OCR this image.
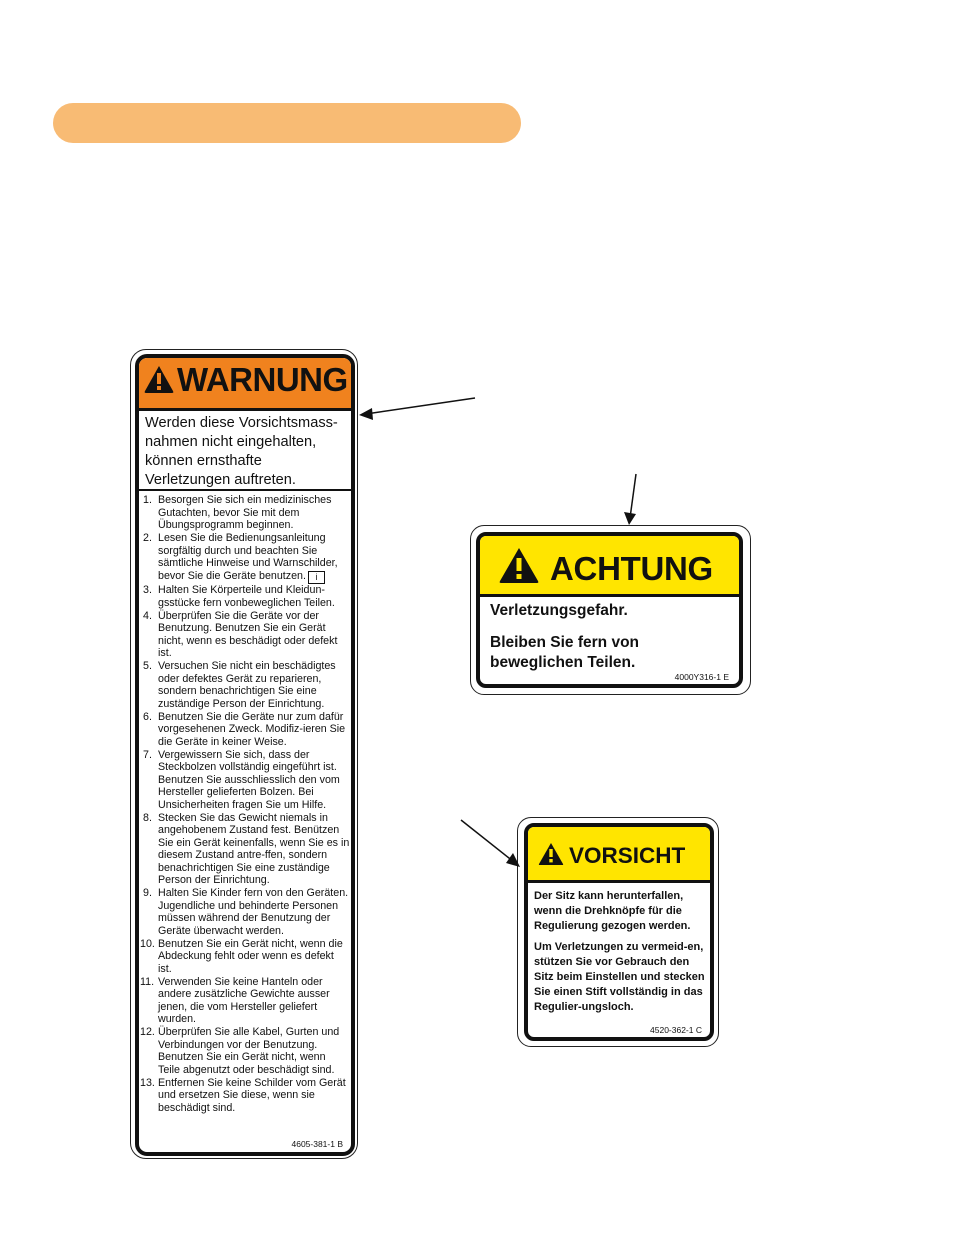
WARNUNG
Werden diese Vorsichtsmass-nahmen nicht eingehalten, können ernsthafte Verletzungen auftreten.
1. Besorgen Sie sich ein medizinisches Gutachten, bevor Sie mit dem Übungsprogramm beginnen.
2. Lesen Sie die Bedienungsanleitung sorgfältig durch und beachten Sie sämtliche Hinweise und Warnschilder, bevor Sie die Geräte benutzen. i
3. Halten Sie Körperteile und Kleidun-gsstücke fern vonbeweglichen Teilen.
4. Überprüfen Sie die Geräte vor der Benutzung. Benutzen Sie ein Gerät nicht, wenn es beschädigt oder defekt ist.
5. Versuchen Sie nicht ein beschädigtes oder defektes Gerät zu reparieren, sondern benachrichtigen Sie eine zuständige Person der Einrichtung.
6. Benutzen Sie die Geräte nur zum dafür vorgesehenen Zweck. Modifiz-ieren Sie die Geräte in keiner Weise.
7. Vergewissern Sie sich, dass der Steckbolzen vollständig eingeführt ist. Benutzen Sie ausschliesslich den vom Hersteller gelieferten Bolzen. Bei Unsicherheiten fragen Sie um Hilfe.
8. Stecken Sie das Gewicht niemals in angehobenem Zustand fest. Benützen Sie ein Gerät keinenfalls, wenn Sie es in diesem Zustand antre-ffen, sondern benachrichtigen Sie eine zuständige Person der Einrichtung.
9. Halten Sie Kinder fern von den Geräten. Jugendliche und behinderte Personen müssen während der Benutzung der Geräte überwacht werden.
10. Benutzen Sie ein Gerät nicht, wenn die Abdeckung fehlt oder wenn es defekt ist.
11. Verwenden Sie keine Hanteln oder andere zusätzliche Gewichte ausser jenen, die vom Hersteller geliefert wurden.
12. Überprüfen Sie alle Kabel, Gurten und Verbindungen vor der Benutzung. Benutzen Sie ein Gerät nicht, wenn Teile abgenutzt oder beschädigt sind.
13. Entfernen Sie keine Schilder vom Gerät und ersetzen Sie diese, wenn sie beschädigt sind.
4605-381-1 B
ACHTUNG
Verletzungsgefahr.
Bleiben Sie fern von beweglichen Teilen.
4000Y316-1 E
VORSICHT
Der Sitz kann herunterfallen, wenn die Drehknöpfe für die Regulierung gezogen werden.
Um Verletzungen zu vermeid-en, stützen Sie vor Gebrauch den Sitz beim Einstellen und stecken Sie einen Stift vollständig in das Regulier-ungsloch.
4520-362-1 C
